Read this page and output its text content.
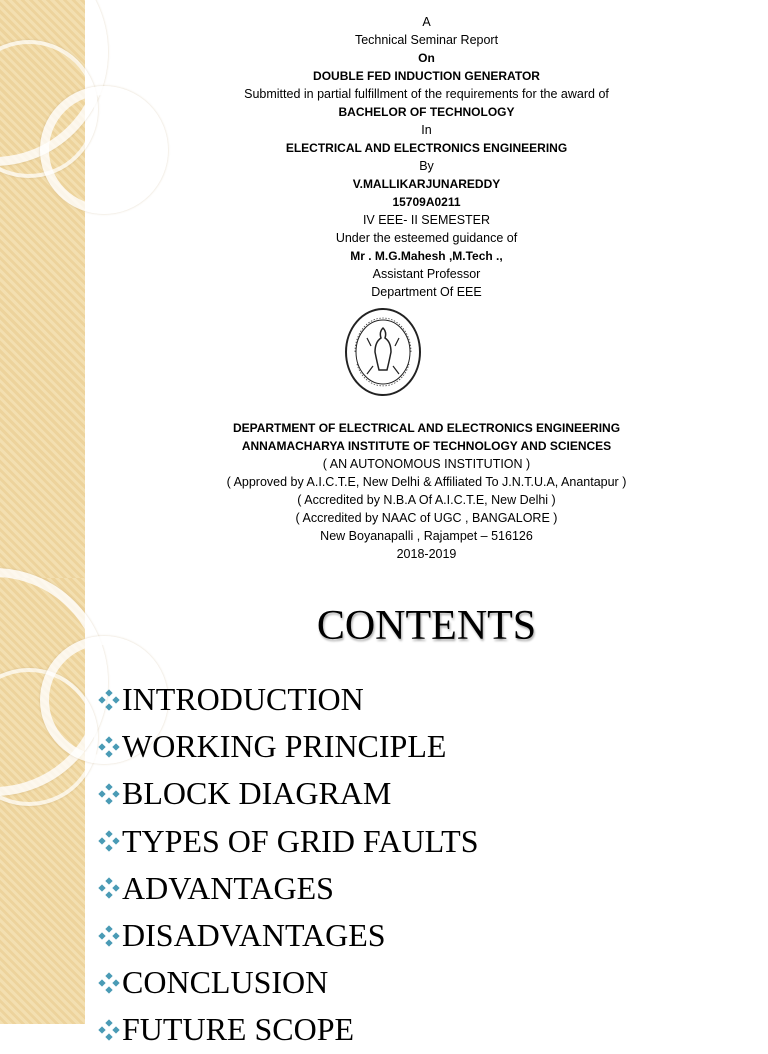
A
Technical Seminar Report
On
DOUBLE FED INDUCTION GENERATOR
Submitted in partial fulfillment of the requirements for the award of
BACHELOR OF TECHNOLOGY
In
ELECTRICAL AND ELECTRONICS ENGINEERING
By
V.MALLIKARJUNAREDDY
15709A0211
IV EEE- II SEMESTER
Under the esteemed guidance of
Mr . M.G.Mahesh ,M.Tech .,
Assistant Professor
Department Of EEE
DEPARTMENT OF ELECTRICAL AND ELECTRONICS ENGINEERING
ANNAMACHARYA INSTITUTE OF TECHNOLOGY AND SCIENCES
( AN AUTONOMOUS INSTITUTION )
( Approved by A.I.C.T.E, New Delhi & Affiliated To J.N.T.U.A, Anantapur )
( Accredited by N.B.A Of A.I.C.T.E, New Delhi )
( Accredited by NAAC of UGC , BANGALORE )
New Boyanapalli , Rajampet – 516126
2018-2019
CONTENTS
INTRODUCTION
WORKING PRINCIPLE
BLOCK DIAGRAM
TYPES OF GRID FAULTS
ADVANTAGES
DISADVANTAGES
CONCLUSION
FUTURE SCOPE
